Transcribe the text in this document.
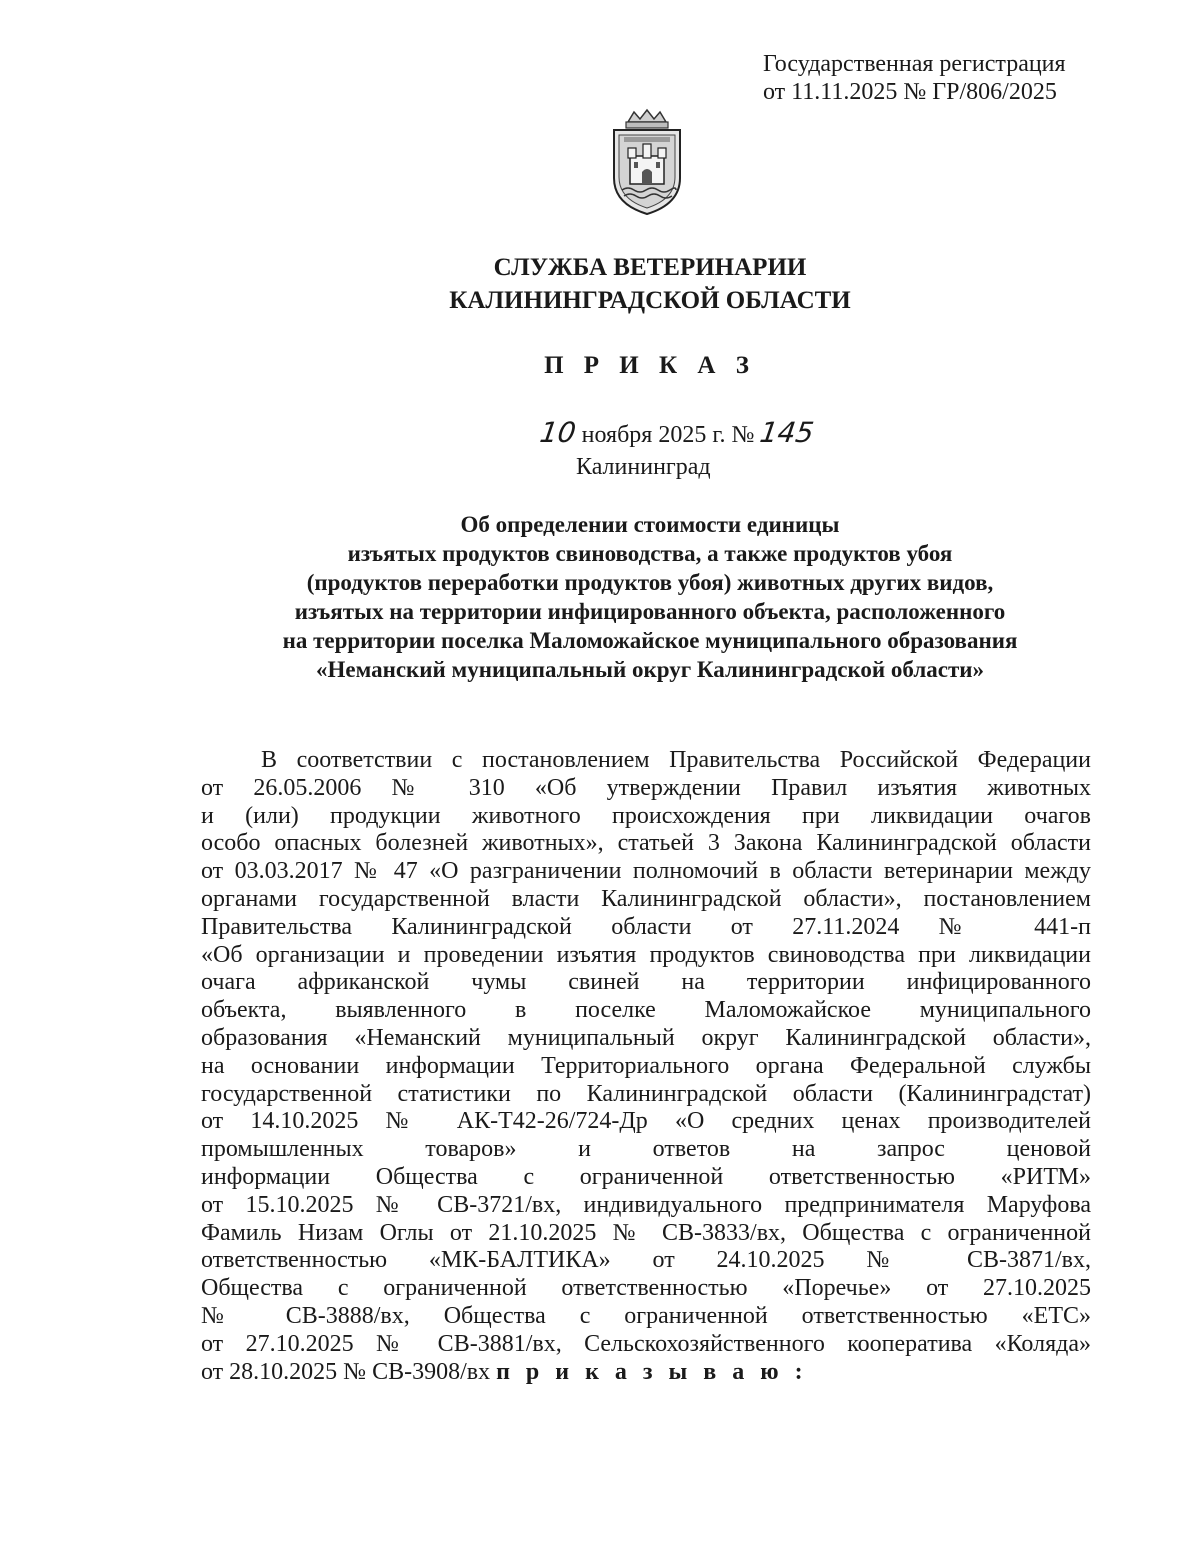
Государственная регистрация
от 11.11.2025 № ГР/806/2025
СЛУЖБА ВЕТЕРИНАРИИ
КАЛИНИНГРАДСКОЙ ОБЛАСТИ
П Р И К А З
10 ноября 2025 г. № 145
Калининград
Об определении стоимости единицы
изъятых продуктов свиноводства, а также продуктов убоя
(продуктов переработки продуктов убоя) животных других видов,
изъятых на территории инфицированного объекта, расположенного
на территории поселка Маломожайское муниципального образования
«Неманский муниципальный округ Калининградской области»
В соответствии с постановлением Правительства Российской Федерации
от 26.05.2006 № 310 «Об утверждении Правил изъятия животных
и (или) продукции животного происхождения при ликвидации очагов
особо опасных болезней животных», статьей 3 Закона Калининградской области
от 03.03.2017 № 47 «О разграничении полномочий в области ветеринарии между
органами государственной власти Калининградской области», постановлением
Правительства Калининградской области от 27.11.2024 № 441-п
«Об организации и проведении изъятия продуктов свиноводства при ликвидации
очага африканской чумы свиней на территории инфицированного
объекта, выявленного в поселке Маломожайское муниципального
образования «Неманский муниципальный округ Калининградской области»,
на основании информации Территориального органа Федеральной службы
государственной статистики по Калининградской области (Калининградстат)
от 14.10.2025 № АК-Т42-26/724-Др «О средних ценах производителей
промышленных товаров» и ответов на запрос ценовой
информации Общества с ограниченной ответственностью «РИТМ»
от 15.10.2025 № СВ-3721/вх, индивидуального предпринимателя Маруфова
Фамиль Низам Оглы от 21.10.2025 № СВ-3833/вх, Общества с ограниченной
ответственностью «МК-БАЛТИКА» от 24.10.2025 № СВ-3871/вх,
Общества с ограниченной ответственностью «Поречье» от 27.10.2025
№ СВ-3888/вх, Общества с ограниченной ответственностью «ЕТС»
от 27.10.2025 № СВ-3881/вх, Сельскохозяйственного кооператива «Коляда»
от 28.10.2025 № СВ-3908/вх п р и к а з ы в а ю :
